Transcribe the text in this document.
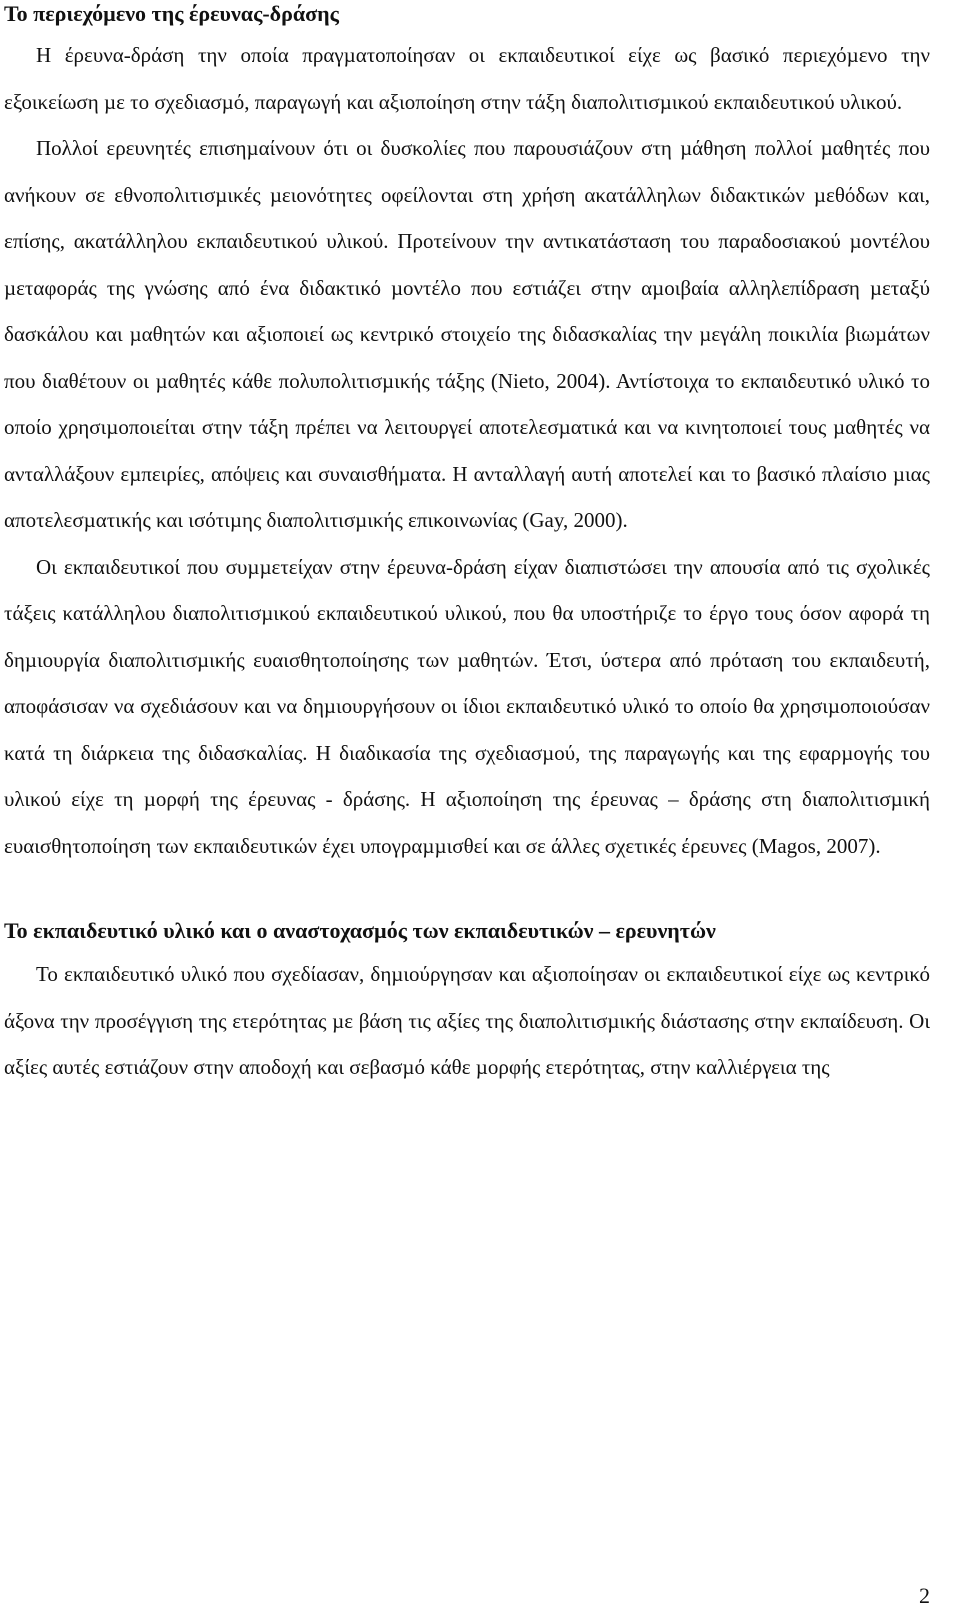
Το περιεχόµενο της έρευνας-δράσης

Η έρευνα-δράση την οποία πραγµατοποίησαν οι εκπαιδευτικοί είχε ως βασικό περιεχόµενο την εξοικείωση µε το σχεδιασµό, παραγωγή και αξιοποίηση στην τάξη διαπολιτισµικού εκπαιδευτικού υλικού.

Πολλοί ερευνητές επισηµαίνουν ότι οι δυσκολίες που παρουσιάζουν στη µάθηση πολλοί µαθητές που ανήκουν σε εθνοπολιτισµικές µειονότητες οφείλονται στη χρήση ακατάλληλων διδακτικών µεθόδων και, επίσης, ακατάλληλου εκπαιδευτικού υλικού. Προτείνουν την αντικατάσταση του παραδοσιακού µοντέλου µεταφοράς της γνώσης από ένα διδακτικό µοντέλο που εστιάζει στην αµοιβαία αλληλεπίδραση µεταξύ δασκάλου και µαθητών και αξιοποιεί ως κεντρικό στοιχείο της διδασκαλίας την µεγάλη ποικιλία βιωµάτων που διαθέτουν οι µαθητές κάθε πολυπολιτισµικής τάξης (Nieto, 2004). Αντίστοιχα το εκπαιδευτικό υλικό το οποίο χρησιµοποιείται στην τάξη πρέπει να λειτουργεί αποτελεσµατικά και να κινητοποιεί τους µαθητές να ανταλλάξουν εµπειρίες, απόψεις και συναισθήµατα. Η ανταλλαγή αυτή αποτελεί και το βασικό πλαίσιο µιας αποτελεσµατικής και ισότιµης διαπολιτισµικής επικοινωνίας (Gay, 2000).

Οι εκπαιδευτικοί που συµµετείχαν στην έρευνα-δράση είχαν διαπιστώσει την απουσία από τις σχολικές τάξεις κατάλληλου διαπολιτισµικού εκπαιδευτικού υλικού, που θα υποστήριζε το έργο τους όσον αφορά τη δηµιουργία διαπολιτισµικής ευαισθητοποίησης των µαθητών. Έτσι, ύστερα από πρόταση του εκπαιδευτή, αποφάσισαν να σχεδιάσουν και να δηµιουργήσουν οι ίδιοι εκπαιδευτικό υλικό το οποίο θα χρησιµοποιούσαν κατά τη διάρκεια της διδασκαλίας. Η διαδικασία της σχεδιασµού, της παραγωγής και της εφαρµογής του υλικού είχε τη µορφή της έρευνας - δράσης. Η αξιοποίηση της έρευνας – δράσης στη διαπολιτισµική ευαισθητοποίηση των εκπαιδευτικών έχει υπογραµµισθεί και σε άλλες σχετικές έρευνες (Magos, 2007).

Το εκπαιδευτικό υλικό και ο αναστοχασµός των εκπαιδευτικών – ερευνητών

Το εκπαιδευτικό υλικό που σχεδίασαν, δηµιούργησαν και αξιοποίησαν οι εκπαιδευτικοί είχε ως κεντρικό άξονα την προσέγγιση της ετερότητας µε βάση τις αξίες της διαπολιτισµικής διάστασης στην εκπαίδευση. Οι αξίες αυτές εστιάζουν στην αποδοχή και σεβασµό κάθε µορφής ετερότητας, στην καλλιέργεια της

2
